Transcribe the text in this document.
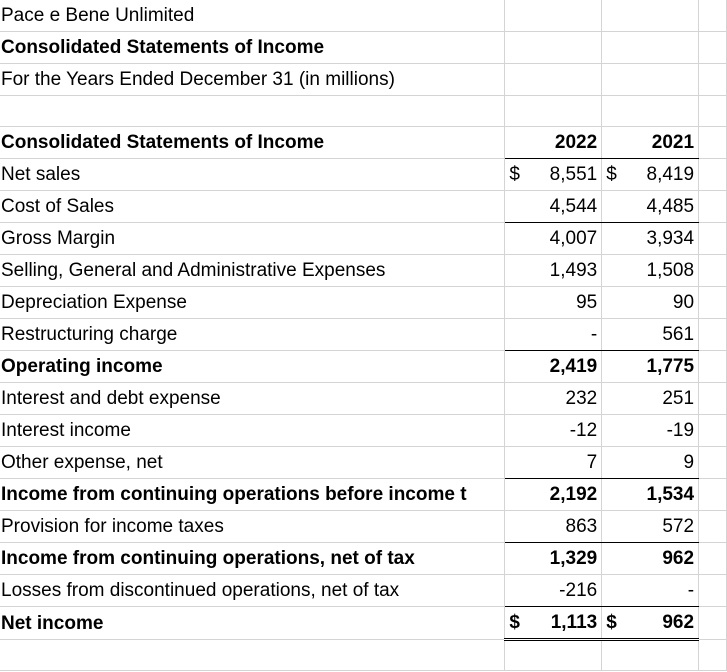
Pace e Bene Unlimited			
Consolidated Statements of Income			
For the Years Ended December 31 (in millions)			

Consolidated Statements of Income	2022	2021	
Net sales	$ 8,551	$ 8,419	
Cost of Sales	4,544	4,485	
Gross Margin	4,007	3,934	
Selling, General and Administrative Expenses	1,493	1,508	
Depreciation Expense	95	90	
Restructuring charge	-	561	
Operating income	2,419	1,775	
Interest and debt expense	232	251	
Interest income	-12	-19	
Other expense, net	7	9	
Income from continuing operations before income t	2,192	1,534	
Provision for income taxes	863	572	
Income from continuing operations, net of tax	1,329	962	
Losses from discontinued operations, net of tax	-216	-	
Net income	$ 1,113	$ 962	
